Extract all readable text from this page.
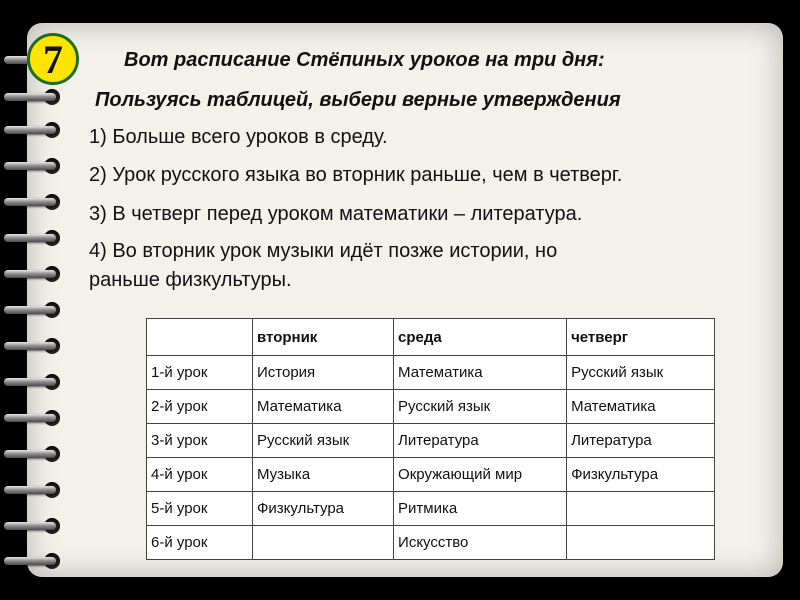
7	Вот расписание Стёпиных уроков на три дня:
Пользуясь таблицей, выбери верные утверждения
1) Больше всего уроков в среду.
2) Урок русского языка во вторник раньше, чем в четверг.
3) В четверг перед уроком математики – литература.
4) Во вторник урок музыки идёт позже истории, но
раньше физкультуры.
	вторник	среда	четверг
1-й урок	История	Математика	Русский язык
2-й урок	Математика	Русский язык	Математика
3-й урок	Русский язык	Литература	Литература
4-й урок	Музыка	Окружающий мир	Физкультура
5-й урок	Физкультура	Ритмика	
6-й урок		Искусство	
